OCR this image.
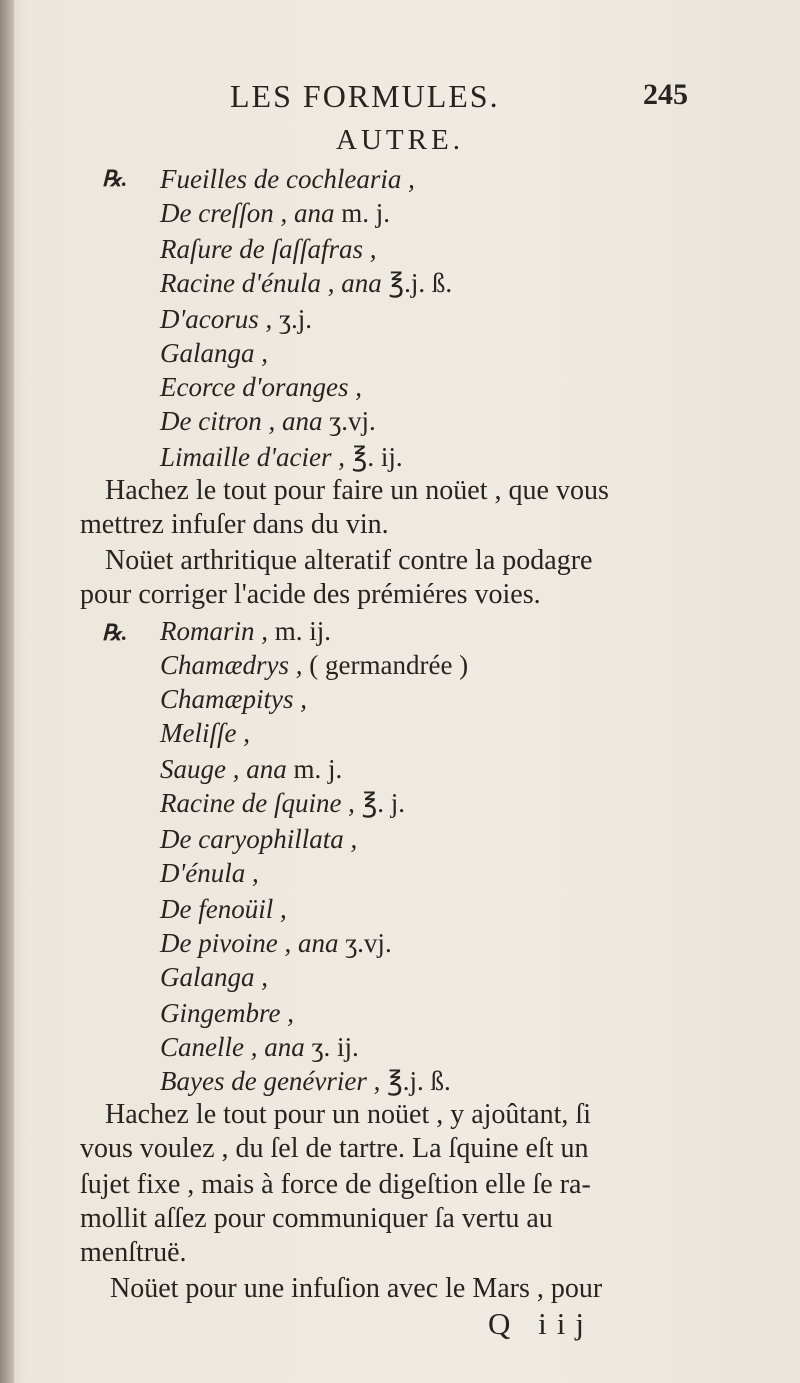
LES FORMULES.	245
AUTRE.
℞. Fueilles de cochlearia ,
De creſſon , ana m. j.
Raſure de ſaſſafras ,
Racine d'énula , ana ℥.j. ß.
D'acorus , ʒ.j.
Galanga ,
Ecorce d'oranges ,
De citron , ana ʒ.vj.
Limaille d'acier , ℥. ij.
Hachez le tout pour faire un noüet , que vous
mettrez infuſer dans du vin.
Noüet arthritique alteratif contre la podagre
pour corriger l'acide des prémiéres voies.
℞. Romarin , m. ij.
Chamædrys , ( germandrée )
Chamæpitys ,
Meliſſe ,
Sauge , ana m. j.
Racine de ſquine , ℥. j.
De caryophillata ,
D'énula ,
De fenoüil ,
De pivoine , ana ʒ.vj.
Galanga ,
Gingembre ,
Canelle , ana ʒ. ij.
Bayes de genévrier , ℥.j. ß.
Hachez le tout pour un noüet , y ajoûtant, ſi
vous voulez , du ſel de tartre. La ſquine eſt un
ſujet fixe , mais à force de digeſtion elle ſe ra-
mollit aſſez pour communiquer ſa vertu au
menſtruë.
Noüet pour une infuſion avec le Mars , pour
Q iij
